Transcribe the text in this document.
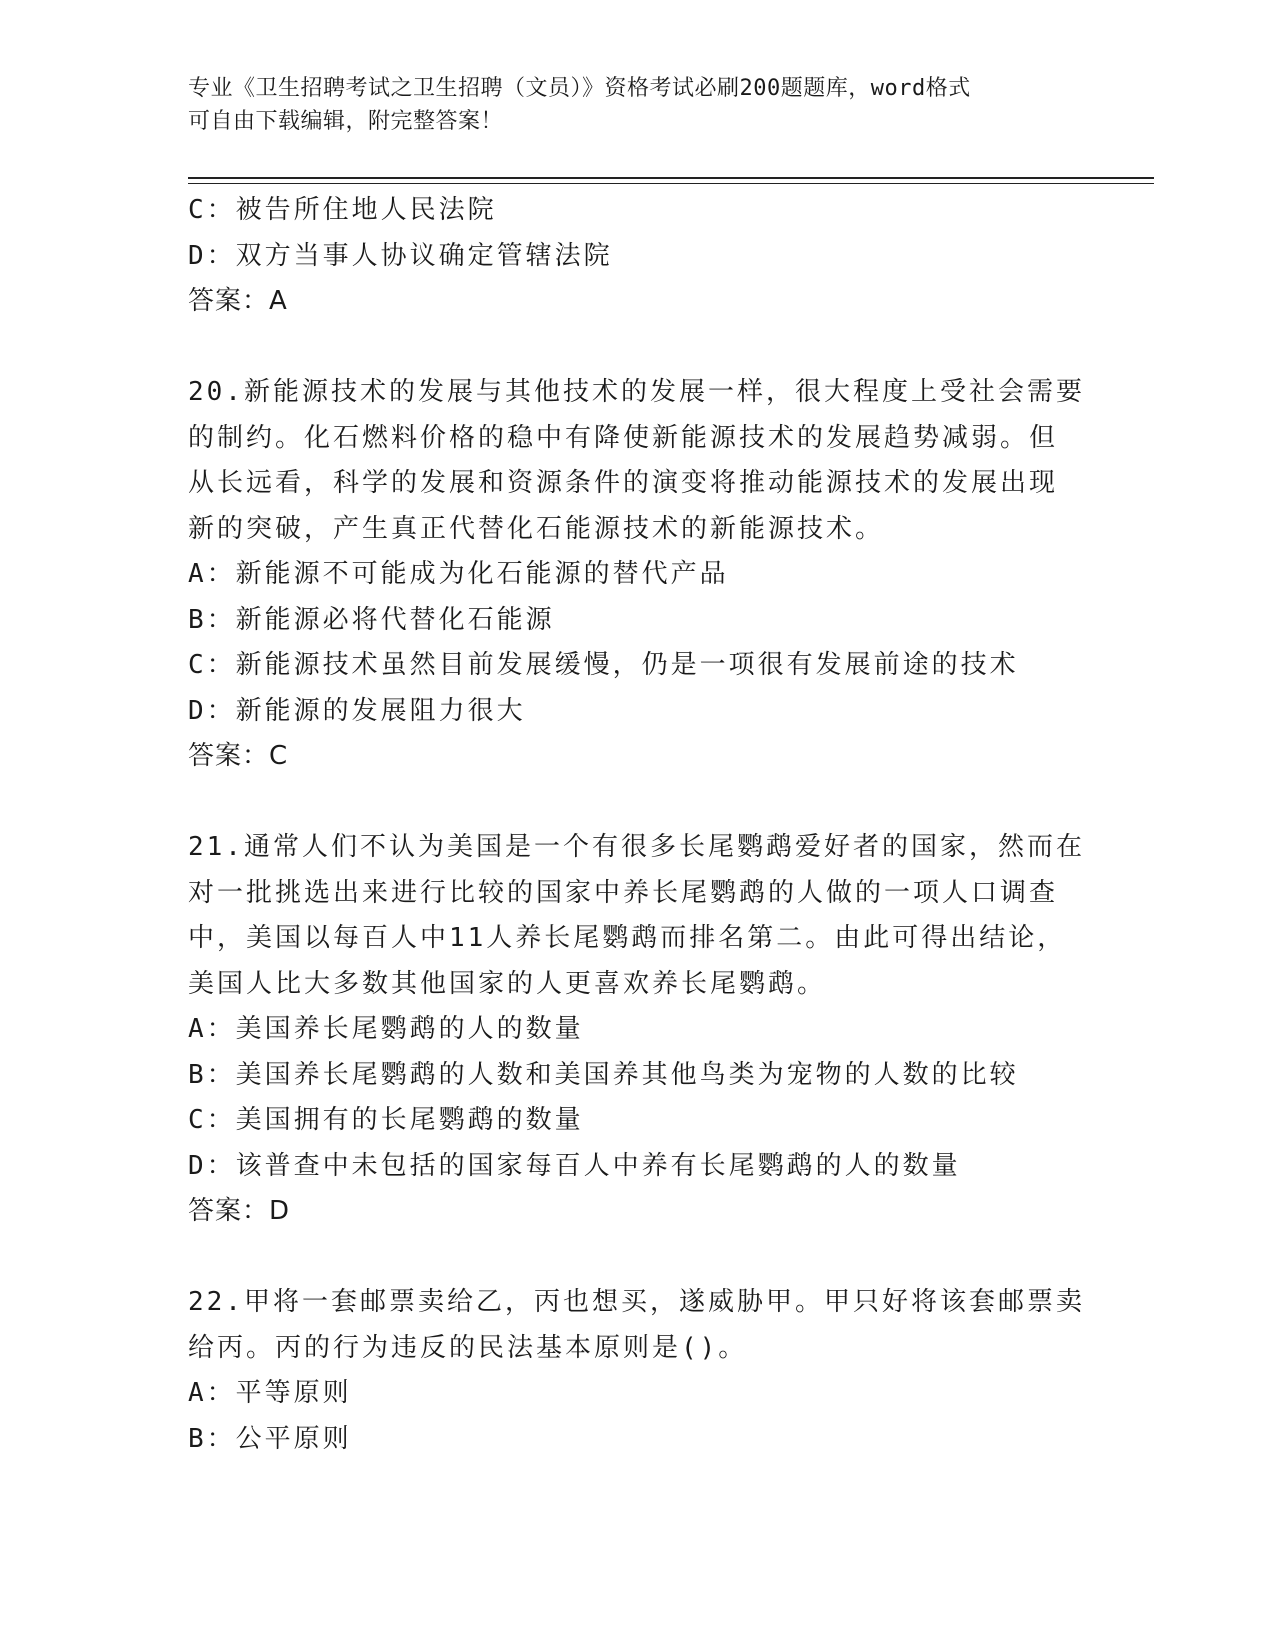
专业《卫生招聘考试之卫生招聘（文员）》资格考试必刷200题题库，word格式
可自由下载编辑，附完整答案！
C：被告所住地人民法院
D：双方当事人协议确定管辖法院
答案：A
20.新能源技术的发展与其他技术的发展一样，很大程度上受社会需要
的制约。化石燃料价格的稳中有降使新能源技术的发展趋势减弱。但
从长远看，科学的发展和资源条件的演变将推动能源技术的发展出现
新的突破，产生真正代替化石能源技术的新能源技术。
A：新能源不可能成为化石能源的替代产品
B：新能源必将代替化石能源
C：新能源技术虽然目前发展缓慢，仍是一项很有发展前途的技术
D：新能源的发展阻力很大
答案：C
21.通常人们不认为美国是一个有很多长尾鹦鹉爱好者的国家，然而在
对一批挑选出来进行比较的国家中养长尾鹦鹉的人做的一项人口调查
中，美国以每百人中11人养长尾鹦鹉而排名第二。由此可得出结论，
美国人比大多数其他国家的人更喜欢养长尾鹦鹉。
A：美国养长尾鹦鹉的人的数量
B：美国养长尾鹦鹉的人数和美国养其他鸟类为宠物的人数的比较
C：美国拥有的长尾鹦鹉的数量
D：该普查中未包括的国家每百人中养有长尾鹦鹉的人的数量
答案：D
22.甲将一套邮票卖给乙，丙也想买，遂威胁甲。甲只好将该套邮票卖
给丙。丙的行为违反的民法基本原则是()。
A：平等原则
B：公平原则
